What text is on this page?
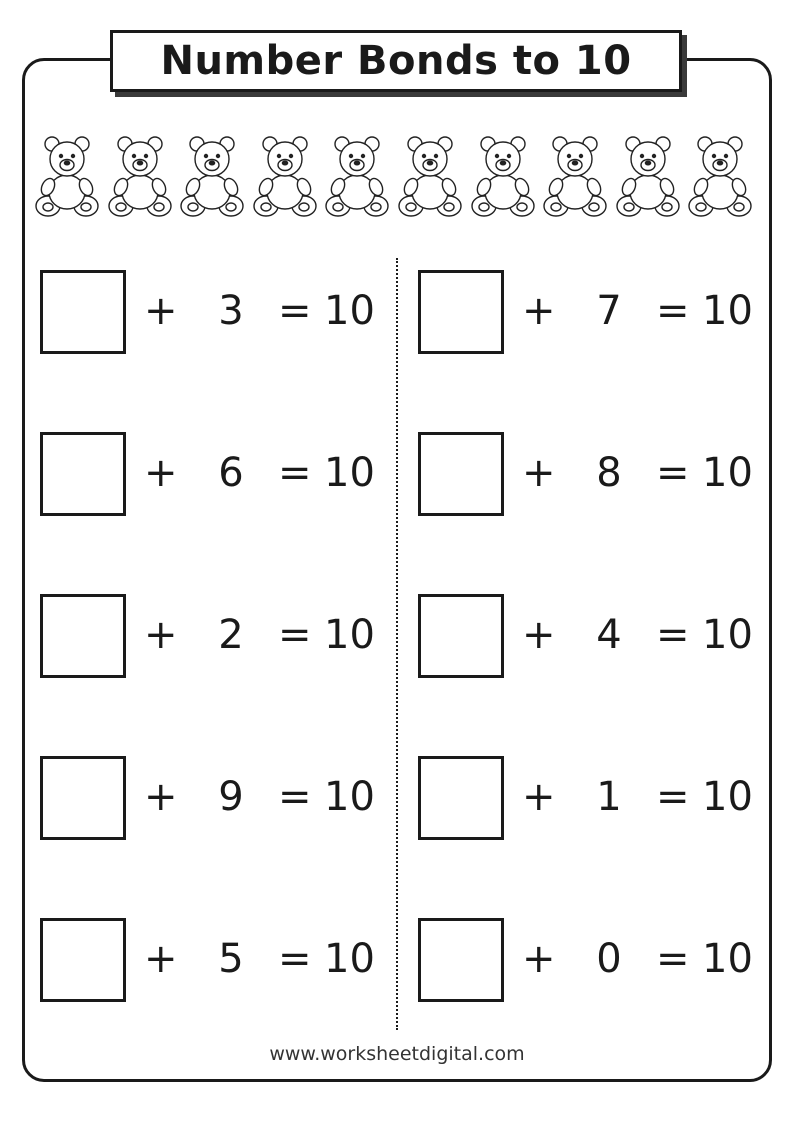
Number Bonds to 10
+ 3 = 10
+ 6 = 10
+ 2 = 10
+ 9 = 10
+ 5 = 10
+ 7 = 10
+ 8 = 10
+ 4 = 10
+ 1 = 10
+ 0 = 10
www.worksheetdigital.com
